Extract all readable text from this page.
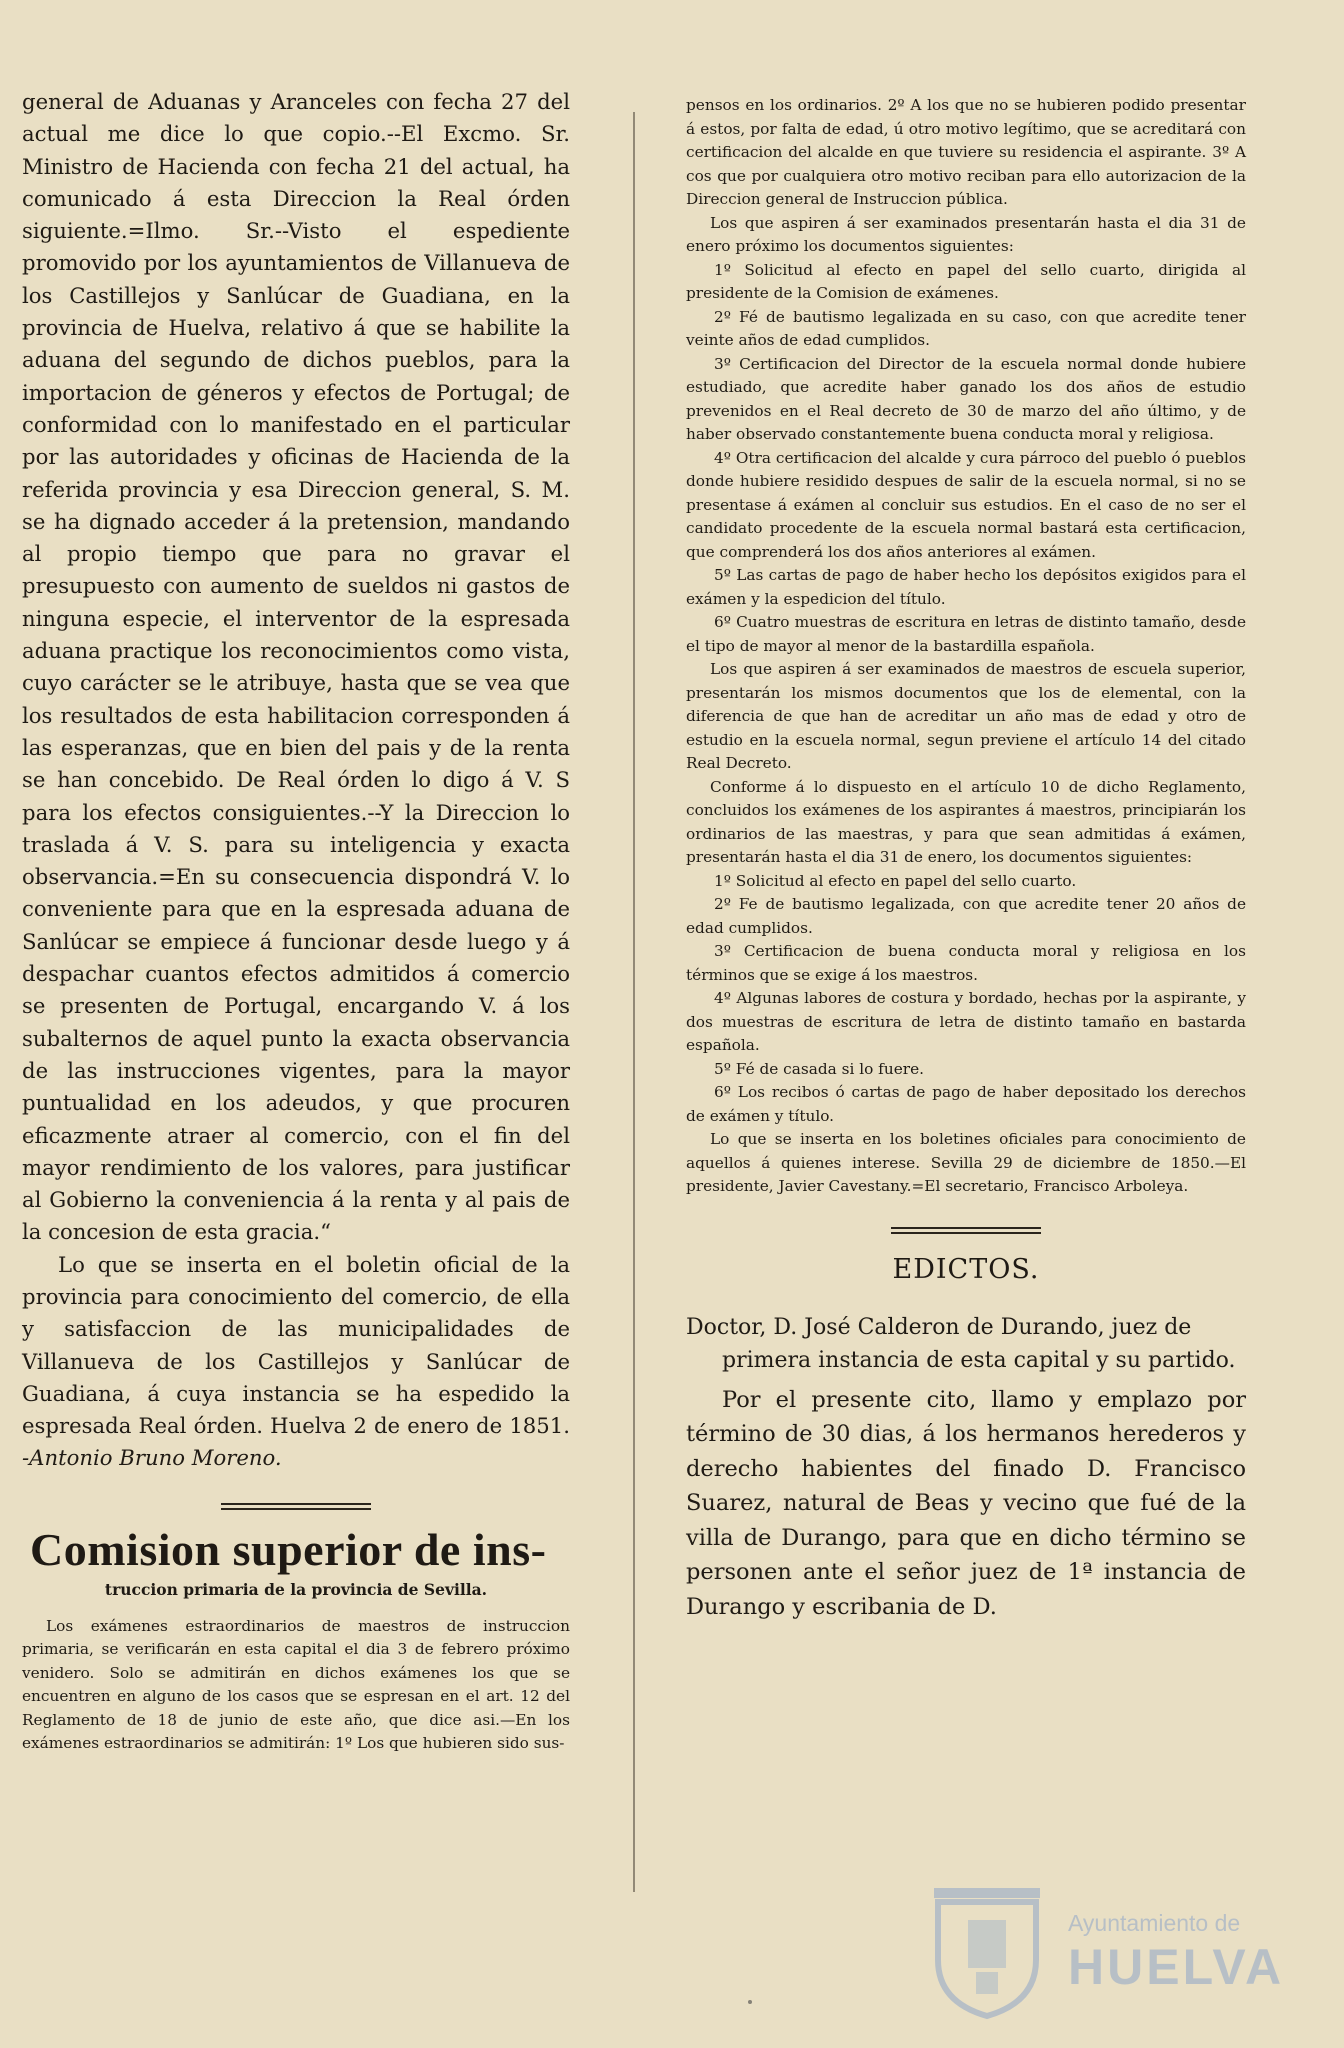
general de Aduanas y Aranceles con fecha 27 del actual me dice lo que copio.--El Excmo. Sr. Ministro de Hacienda con fecha 21 del actual, ha comunicado á esta Direccion la Real órden siguiente.=Ilmo. Sr.--Visto el espediente promovido por los ayuntamientos de Villanueva de los Castillejos y Sanlúcar de Guadiana, en la provincia de Huelva, relativo á que se habilite la aduana del segundo de dichos pueblos, para la importacion de géneros y efectos de Portugal; de conformidad con lo manifestado en el particular por las autoridades y oficinas de Hacienda de la referida provincia y esa Direccion general, S. M. se ha dignado acceder á la pretension, mandando al propio tiempo que para no gravar el presupuesto con aumento de sueldos ni gastos de ninguna especie, el interventor de la espresada aduana practique los reconocimientos como vista, cuyo carácter se le atribuye, hasta que se vea que los resultados de esta habilitacion corresponden á las esperanzas, que en bien del pais y de la renta se han concebido. De Real órden lo digo á V. S para los efectos consiguientes.--Y la Direccion lo traslada á V. S. para su inteligencia y exacta observancia.=En su consecuencia dispondrá V. lo conveniente para que en la espresada aduana de Sanlúcar se empiece á funcionar desde luego y á despachar cuantos efectos admitidos á comercio se presenten de Portugal, encargando V. á los subalternos de aquel punto la exacta observancia de las instrucciones vigentes, para la mayor puntualidad en los adeudos, y que procuren eficazmente atraer al comercio, con el fin del mayor rendimiento de los valores, para justificar al Gobierno la conveniencia á la renta y al pais de la concesion de esta gracia.“

Lo que se inserta en el boletin oficial de la provincia para conocimiento del comercio, de ella y satisfaccion de las municipalidades de Villanueva de los Castillejos y Sanlúcar de Guadiana, á cuya instancia se ha espedido la espresada Real órden. Huelva 2 de enero de 1851. -Antonio Bruno Moreno.

Comision superior de ins-
truccion primaria de la provincia de Sevilla.

Los exámenes estraordinarios de maestros de instruccion primaria, se verificarán en esta capital el dia 3 de febrero próximo venidero. Solo se admitirán en dichos exámenes los que se encuentren en alguno de los casos que se espresan en el art. 12 del Reglamento de 18 de junio de este año, que dice asi.—En los exámenes estraordinarios se admitirán: 1º Los que hubieren sido sus-

pensos en los ordinarios. 2º A los que no se hubieren podido presentar á estos, por falta de edad, ú otro motivo legítimo, que se acreditará con certificacion del alcalde en que tuviere su residencia el aspirante. 3º A cos que por cualquiera otro motivo reciban para ello autorizacion de la Direccion general de Instruccion pública.

Los que aspiren á ser examinados presentarán hasta el dia 31 de enero próximo los documentos siguientes:

1º Solicitud al efecto en papel del sello cuarto, dirigida al presidente de la Comision de exámenes.

2º Fé de bautismo legalizada en su caso, con que acredite tener veinte años de edad cumplidos.

3º Certificacion del Director de la escuela normal donde hubiere estudiado, que acredite haber ganado los dos años de estudio prevenidos en el Real decreto de 30 de marzo del año último, y de haber observado constantemente buena conducta moral y religiosa.

4º Otra certificacion del alcalde y cura párroco del pueblo ó pueblos donde hubiere residido despues de salir de la escuela normal, si no se presentase á exámen al concluir sus estudios. En el caso de no ser el candidato procedente de la escuela normal bastará esta certificacion, que comprenderá los dos años anteriores al exámen.

5º Las cartas de pago de haber hecho los depósitos exigidos para el exámen y la espedicion del título.

6º Cuatro muestras de escritura en letras de distinto tamaño, desde el tipo de mayor al menor de la bastardilla española.

Los que aspiren á ser examinados de maestros de escuela superior, presentarán los mismos documentos que los de elemental, con la diferencia de que han de acreditar un año mas de edad y otro de estudio en la escuela normal, segun previene el artículo 14 del citado Real Decreto.

Conforme á lo dispuesto en el artículo 10 de dicho Reglamento, concluidos los exámenes de los aspirantes á maestros, principiarán los ordinarios de las maestras, y para que sean admitidas á exámen, presentarán hasta el dia 31 de enero, los documentos siguientes:

1º Solicitud al efecto en papel del sello cuarto.

2º Fe de bautismo legalizada, con que acredite tener 20 años de edad cumplidos.

3º Certificacion de buena conducta moral y religiosa en los términos que se exige á los maestros.

4º Algunas labores de costura y bordado, hechas por la aspirante, y dos muestras de escritura de letra de distinto tamaño en bastarda española.

5º Fé de casada si lo fuere.

6º Los recibos ó cartas de pago de haber depositado los derechos de exámen y título.

Lo que se inserta en los boletines oficiales para conocimiento de aquellos á quienes interese. Sevilla 29 de diciembre de 1850.—El presidente, Javier Cavestany.=El secretario, Francisco Arboleya.

EDICTOS.

Doctor, D. José Calderon de Durando, juez de primera instancia de esta capital y su partido.

Por el presente cito, llamo y emplazo por término de 30 dias, á los hermanos herederos y derecho habientes del finado D. Francisco Suarez, natural de Beas y vecino que fué de la villa de Durango, para que en dicho término se personen ante el señor juez de 1ª instancia de Durango y escribania de D.

Ayuntamiento de
HUELVA
